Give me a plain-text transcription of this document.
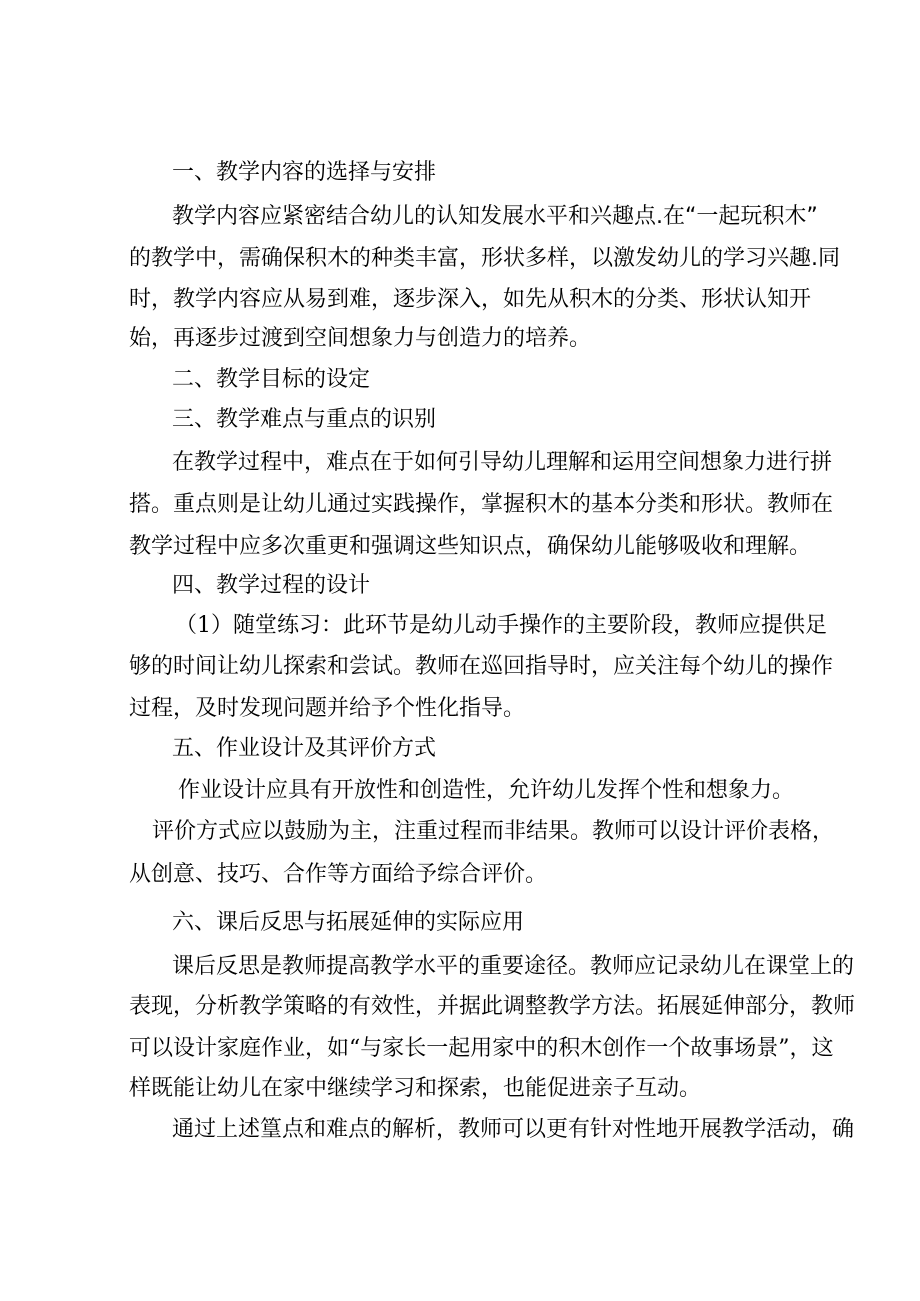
一、教学内容的选择与安排
教学内容应紧密结合幼儿的认知发展水平和兴趣点.在“一起玩积木”
的教学中，需确保积木的种类丰富，形状多样，以激发幼儿的学习兴趣.同
时，教学内容应从易到难，逐步深入，如先从积木的分类、形状认知开
始，再逐步过渡到空间想象力与创造力的培养。
二、教学目标的设定
三、教学难点与重点的识别
在教学过程中，难点在于如何引导幼儿理解和运用空间想象力进行拼
搭。重点则是让幼儿通过实践操作，掌握积木的基本分类和形状。教师在
教学过程中应多次重更和强调这些知识点，确保幼儿能够吸收和理解。
四、教学过程的设计
（1）随堂练习：此环节是幼儿动手操作的主要阶段，教师应提供足
够的时间让幼儿探索和尝试。教师在巡回指导时，应关注每个幼儿的操作
过程，及时发现问题并给予个性化指导。
五、作业设计及其评价方式
作业设计应具有开放性和创造性，允许幼儿发挥个性和想象力。
评价方式应以鼓励为主，注重过程而非结果。教师可以设计评价表格，
从创意、技巧、合作等方面给予综合评价。
六、课后反思与拓展延伸的实际应用
课后反思是教师提高教学水平的重要途径。教师应记录幼儿在课堂上的
表现，分析教学策略的有效性，并据此调整教学方法。拓展延伸部分，教师
可以设计家庭作业，如“与家长一起用家中的积木创作一个故事场景”，这
样既能让幼儿在家中继续学习和探索，也能促进亲子互动。
通过上述篁点和难点的解析，教师可以更有针对性地开展教学活动，确
